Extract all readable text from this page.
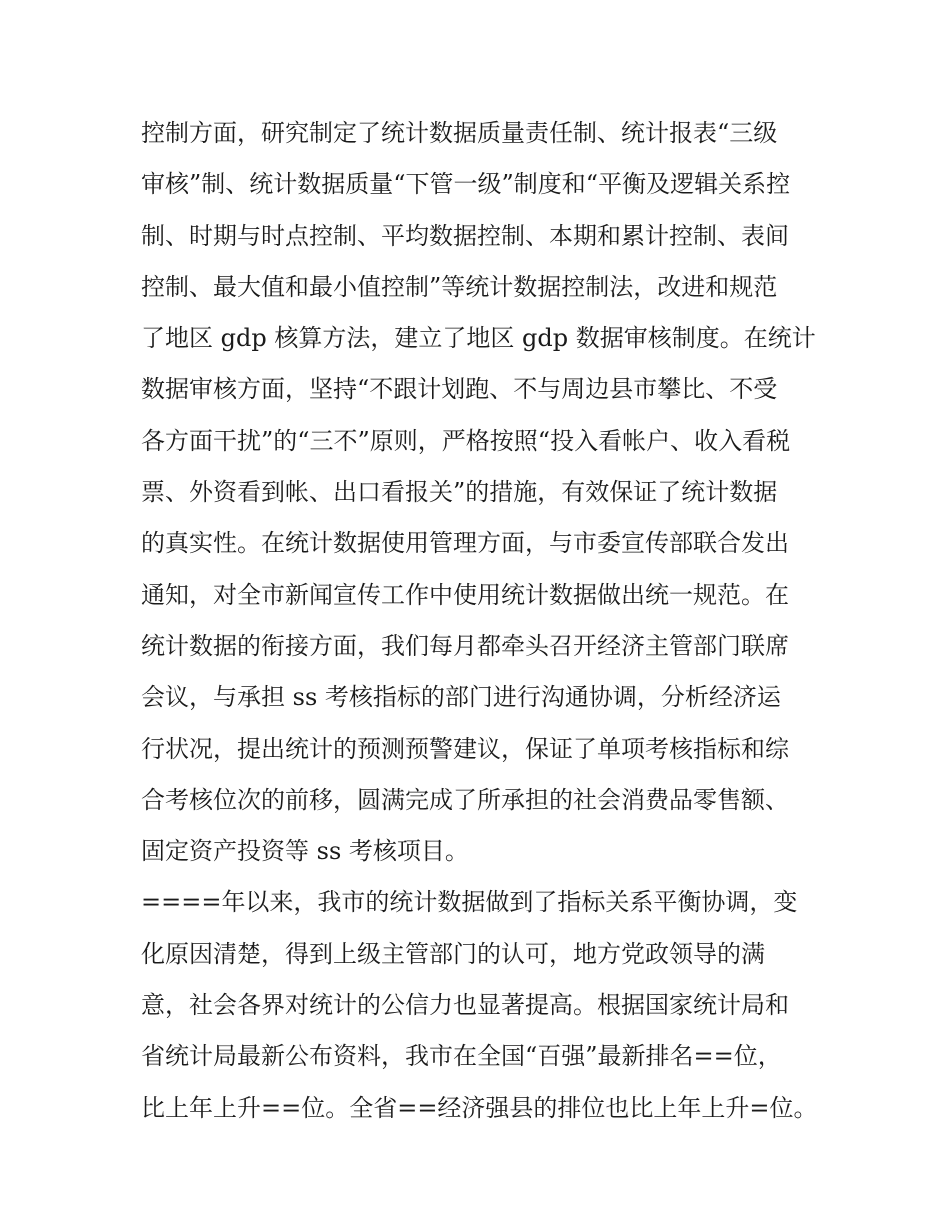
控制方面，研究制定了统计数据质量责任制、统计报表“三级
审核”制、统计数据质量“下管一级”制度和“平衡及逻辑关系控
制、时期与时点控制、平均数据控制、本期和累计控制、表间
控制、最大值和最小值控制”等统计数据控制法，改进和规范
了地区 gdp 核算方法，建立了地区 gdp 数据审核制度。在统计
数据审核方面，坚持“不跟计划跑、不与周边县市攀比、不受
各方面干扰”的“三不”原则，严格按照“投入看帐户、收入看税
票、外资看到帐、出口看报关”的措施，有效保证了统计数据
的真实性。在统计数据使用管理方面，与市委宣传部联合发出
通知，对全市新闻宣传工作中使用统计数据做出统一规范。在
统计数据的衔接方面，我们每月都牵头召开经济主管部门联席
会议，与承担 ss 考核指标的部门进行沟通协调，分析经济运
行状况，提出统计的预测预警建议，保证了单项考核指标和综
合考核位次的前移，圆满完成了所承担的社会消费品零售额、
固定资产投资等 ss 考核项目。
====年以来，我市的统计数据做到了指标关系平衡协调，变
化原因清楚，得到上级主管部门的认可，地方党政领导的满
意，社会各界对统计的公信力也显著提高。根据国家统计局和
省统计局最新公布资料，我市在全国“百强”最新排名==位，
比上年上升==位。全省==经济强县的排位也比上年上升=位。
